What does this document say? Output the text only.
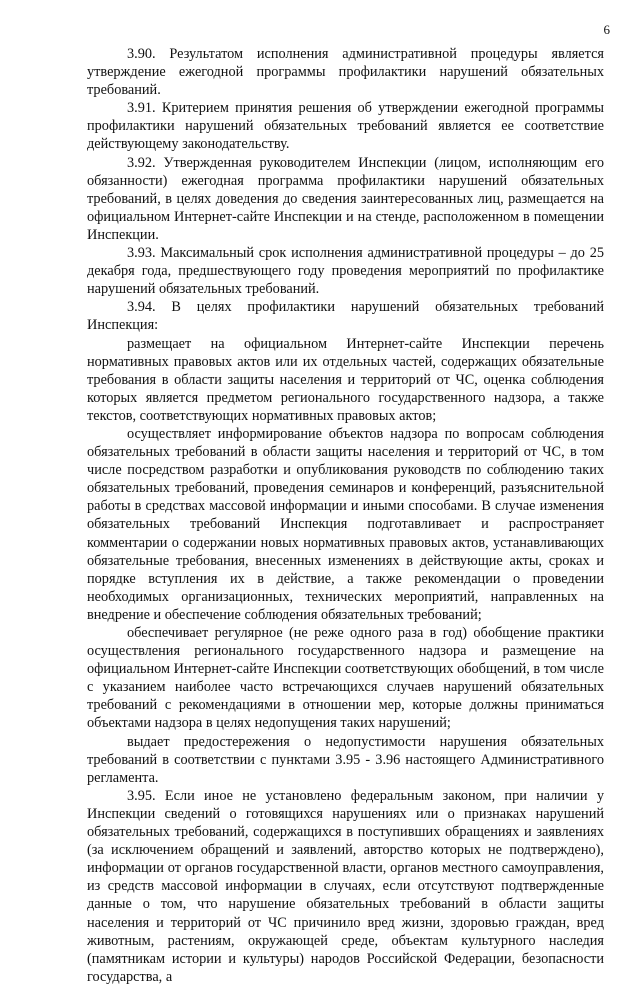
6

3.90. Результатом исполнения административной процедуры является утверждение ежегодной программы профилактики нарушений обязательных требований.

3.91. Критерием принятия решения об утверждении ежегодной программы профилактики нарушений обязательных требований является ее соответствие действующему законодательству.

3.92. Утвержденная руководителем Инспекции (лицом, исполняющим его обязанности) ежегодная программа профилактики нарушений обязательных требований, в целях доведения до сведения заинтересованных лиц, размещается на официальном Интернет-сайте Инспекции и на стенде, расположенном в помещении Инспекции.

3.93. Максимальный срок исполнения административной процедуры – до 25 декабря года, предшествующего году проведения мероприятий по профилактике нарушений обязательных требований.

3.94. В целях профилактики нарушений обязательных требований Инспекция:

размещает на официальном Интернет-сайте Инспекции перечень нормативных правовых актов или их отдельных частей, содержащих обязательные требования в области защиты населения и территорий от ЧС, оценка соблюдения которых является предметом регионального государственного надзора, а также текстов, соответствующих нормативных правовых актов;

осуществляет информирование объектов надзора по вопросам соблюдения обязательных требований в области защиты населения и территорий от ЧС, в том числе посредством разработки и опубликования руководств по соблюдению таких обязательных требований, проведения семинаров и конференций, разъяснительной работы в средствах массовой информации и иными способами. В случае изменения обязательных требований Инспекция подготавливает и распространяет комментарии о содержании новых нормативных правовых актов, устанавливающих обязательные требования, внесенных изменениях в действующие акты, сроках и порядке вступления их в действие, а также рекомендации о проведении необходимых организационных, технических мероприятий, направленных на внедрение и обеспечение соблюдения обязательных требований;

обеспечивает регулярное (не реже одного раза в год) обобщение практики осуществления регионального государственного надзора и размещение на официальном Интернет-сайте Инспекции соответствующих обобщений, в том числе с указанием наиболее часто встречающихся случаев нарушений обязательных требований с рекомендациями в отношении мер, которые должны приниматься объектами надзора в целях недопущения таких нарушений;

выдает предостережения о недопустимости нарушения обязательных требований в соответствии с пунктами 3.95 - 3.96 настоящего Административного регламента.

3.95. Если иное не установлено федеральным законом, при наличии у Инспекции сведений о готовящихся нарушениях или о признаках нарушений обязательных требований, содержащихся в поступивших обращениях и заявлениях (за исключением обращений и заявлений, авторство которых не подтверждено), информации от органов государственной власти, органов местного самоуправления, из средств массовой информации в случаях, если отсутствуют подтвержденные данные о том, что нарушение обязательных требований в области защиты населения и территорий от ЧС причинило вред жизни, здоровью граждан, вред животным, растениям, окружающей среде, объектам культурного наследия (памятникам истории и культуры) народов Российской Федерации, безопасности государства, а
